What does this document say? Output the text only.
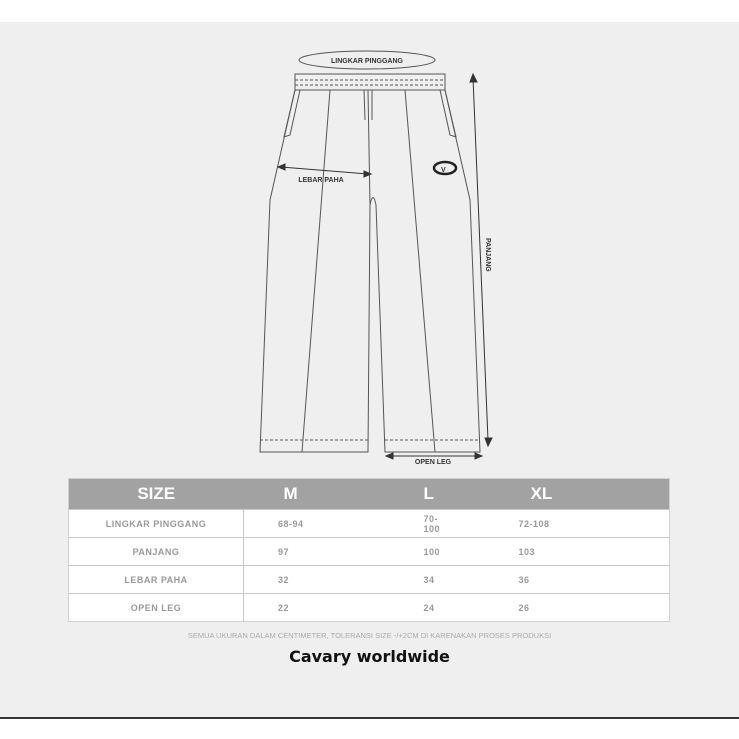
V
LINGKAR PINGGANG
LEBAR PAHA
OPEN LEG
PANJANG
SIZE	M	L	XL
LINGKAR PINGGANG	68-94	70-100	72-108
PANJANG	97	100	103
LEBAR PAHA	32	34	36
OPEN LEG	22	24	26
SEMUA UKURAN DALAM CENTIMETER, TOLERANSI SIZE -/+2CM DI KARENAKAN PROSES PRODUKSI
Cavary worldwide
